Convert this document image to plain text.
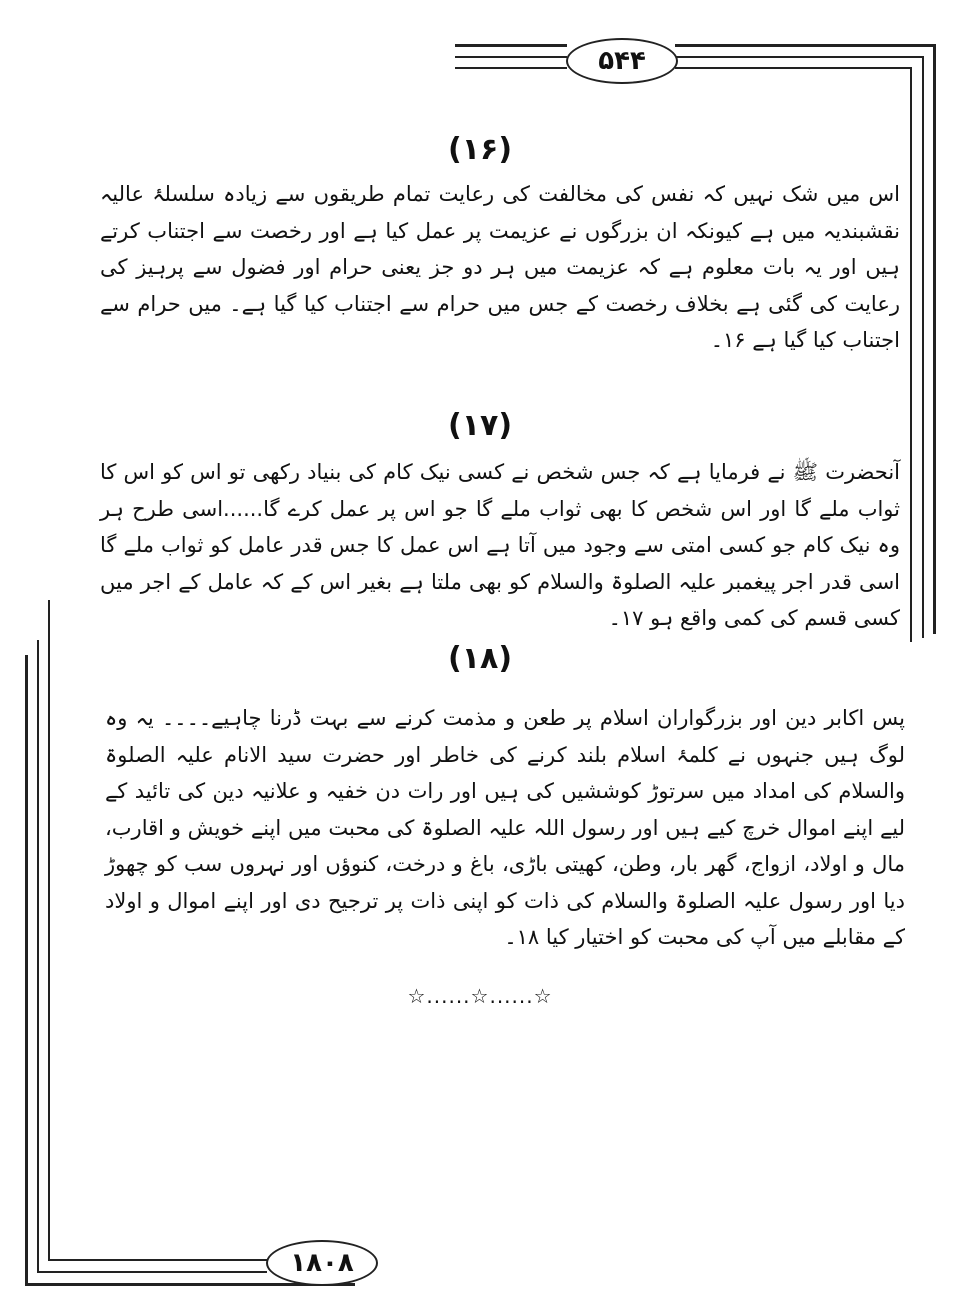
۵۴۴
۱۸۰۸
(۱۶)

اس میں شک نہیں کہ نفس کی مخالفت کی رعایت تمام طریقوں سے زیادہ سلسلۂ عالیہ نقشبندیہ میں ہے کیونکہ ان بزرگوں نے عزیمت پر عمل کیا ہے اور رخصت سے اجتناب کرتے ہیں اور یہ بات معلوم ہے کہ عزیمت میں ہر دو جز یعنی حرام اور فضول سے پرہیز کی رعایت کی گئی ہے بخلاف رخصت کے جس میں حرام سے اجتناب کیا گیا ہے۔ میں حرام سے اجتناب کیا گیا ہے ۱۶۔

(۱۷)

آنحضرت ﷺ نے فرمایا ہے کہ جس شخص نے کسی نیک کام کی بنیاد رکھی تو اس کو اس کا ثواب ملے گا اور اس شخص کا بھی ثواب ملے گا جو اس پر عمل کرے گا......اسی طرح ہر وہ نیک کام جو کسی امتی سے وجود میں آتا ہے اس عمل کا جس قدر عامل کو ثواب ملے گا اسی قدر اجر پیغمبر علیہ الصلوۃ والسلام کو بھی ملتا ہے بغیر اس کے کہ عامل کے اجر میں کسی قسم کی کمی واقع ہو ۱۷۔

(۱۸)

پس اکابر دین اور بزرگواران اسلام پر طعن و مذمت کرنے سے بہت ڈرنا چاہیے۔۔۔۔ یہ وہ لوگ ہیں جنہوں نے کلمۂ اسلام بلند کرنے کی خاطر اور حضرت سید الانام علیہ الصلوۃ والسلام کی امداد میں سرتوڑ کوششیں کی ہیں اور رات دن خفیہ و علانیہ دین کی تائید کے لیے اپنے اموال خرچ کیے ہیں اور رسول اللہ علیہ الصلوۃ کی محبت میں اپنے خویش و اقارب، مال و اولاد، ازواج، گھر بار، وطن، کھیتی باڑی، باغ و درخت، کنوؤں اور نہروں سب کو چھوڑ دیا اور رسول علیہ الصلوۃ والسلام کی ذات کو اپنی ذات پر ترجیح دی اور اپنے اموال و اولاد کے مقابلے میں آپ کی محبت کو اختیار کیا ۱۸۔

☆......☆......☆
